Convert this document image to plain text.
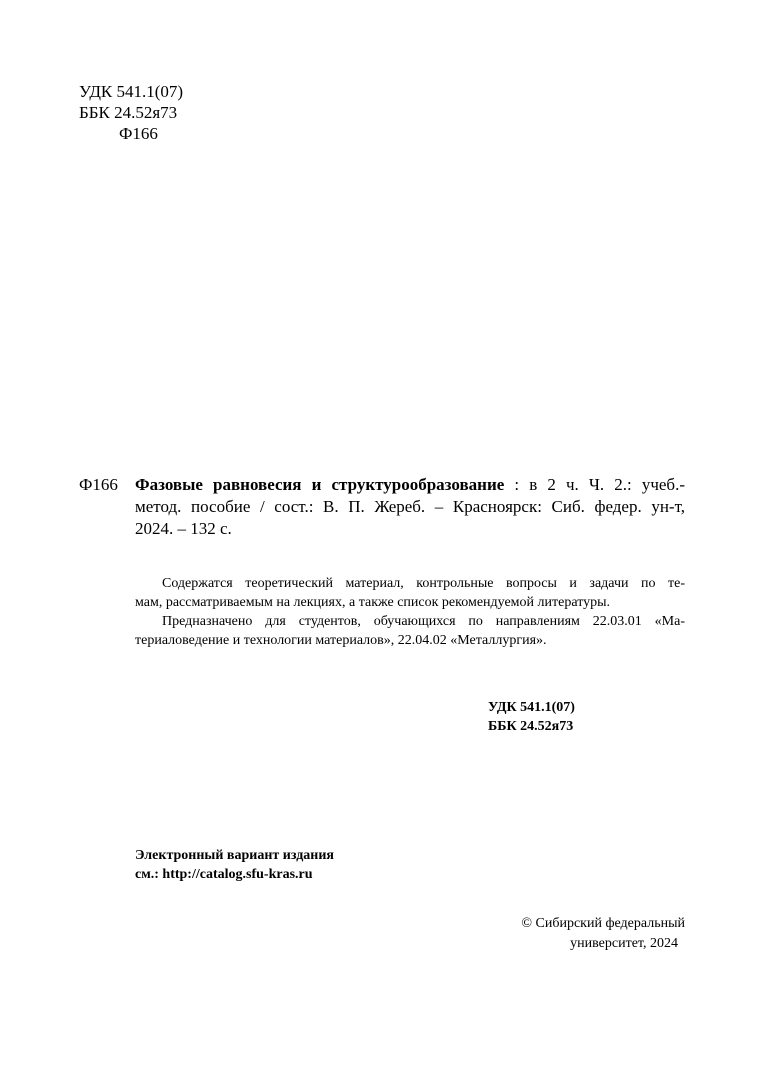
УДК 541.1(07)
ББК 24.52я73
Ф166
Ф166 Фазовые равновесия и структурообразование : в 2 ч. Ч. 2.: учеб.-
метод. пособие / сост.: В. П. Жереб. – Красноярск: Сиб. федер. ун-т,
2024. – 132 с.
Содержатся теоретический материал, контрольные вопросы и задачи по те-
мам, рассматриваемым на лекциях, а также список рекомендуемой литературы.
Предназначено для студентов, обучающихся по направлениям 22.03.01 «Ма-
териаловедение и технологии материалов», 22.04.02 «Металлургия».
УДК 541.1(07)
ББК 24.52я73
Электронный вариант издания
см.: http://catalog.sfu-kras.ru
© Сибирский федеральный
университет, 2024
